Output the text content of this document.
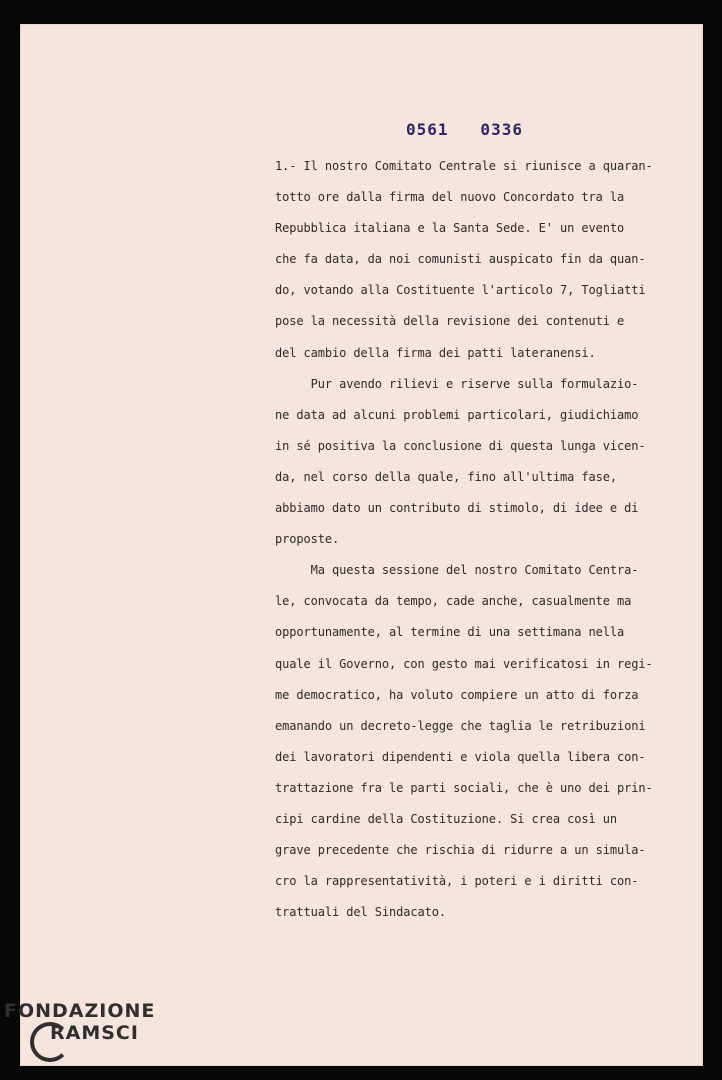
0561   0336
1.- Il nostro Comitato Centrale si riunisce a quaran-
totto ore dalla firma del nuovo Concordato tra la
Repubblica italiana e la Santa Sede. E' un evento
che fa data, da noi comunisti auspicato fin da quan-
do, votando alla Costituente l'articolo 7, Togliatti
pose la necessità della revisione dei contenuti e
del cambio della firma dei patti lateranensi.
Pur avendo rilievi e riserve sulla formulazio-
ne data ad alcuni problemi particolari, giudichiamo
in sé positiva la conclusione di questa lunga vicen-
da, nel corso della quale, fino all'ultima fase,
abbiamo dato un contributo di stimolo, di idee e di
proposte.
Ma questa sessione del nostro Comitato Centra-
le, convocata da tempo, cade anche, casualmente ma
opportunamente, al termine di una settimana nella
quale il Governo, con gesto mai verificatosi in regi-
me democratico, ha voluto compiere un atto di forza
emanando un decreto-legge che taglia le retribuzioni
dei lavoratori dipendenti e viola quella libera con-
trattazione fra le parti sociali, che è uno dei prin-
cipi cardine della Costituzione. Si crea così un
grave precedente che rischia di ridurre a un simula-
cro la rappresentatività, i poteri e i diritti con-
trattuali del Sindacato.
FONDAZIONE
RAMSCI
